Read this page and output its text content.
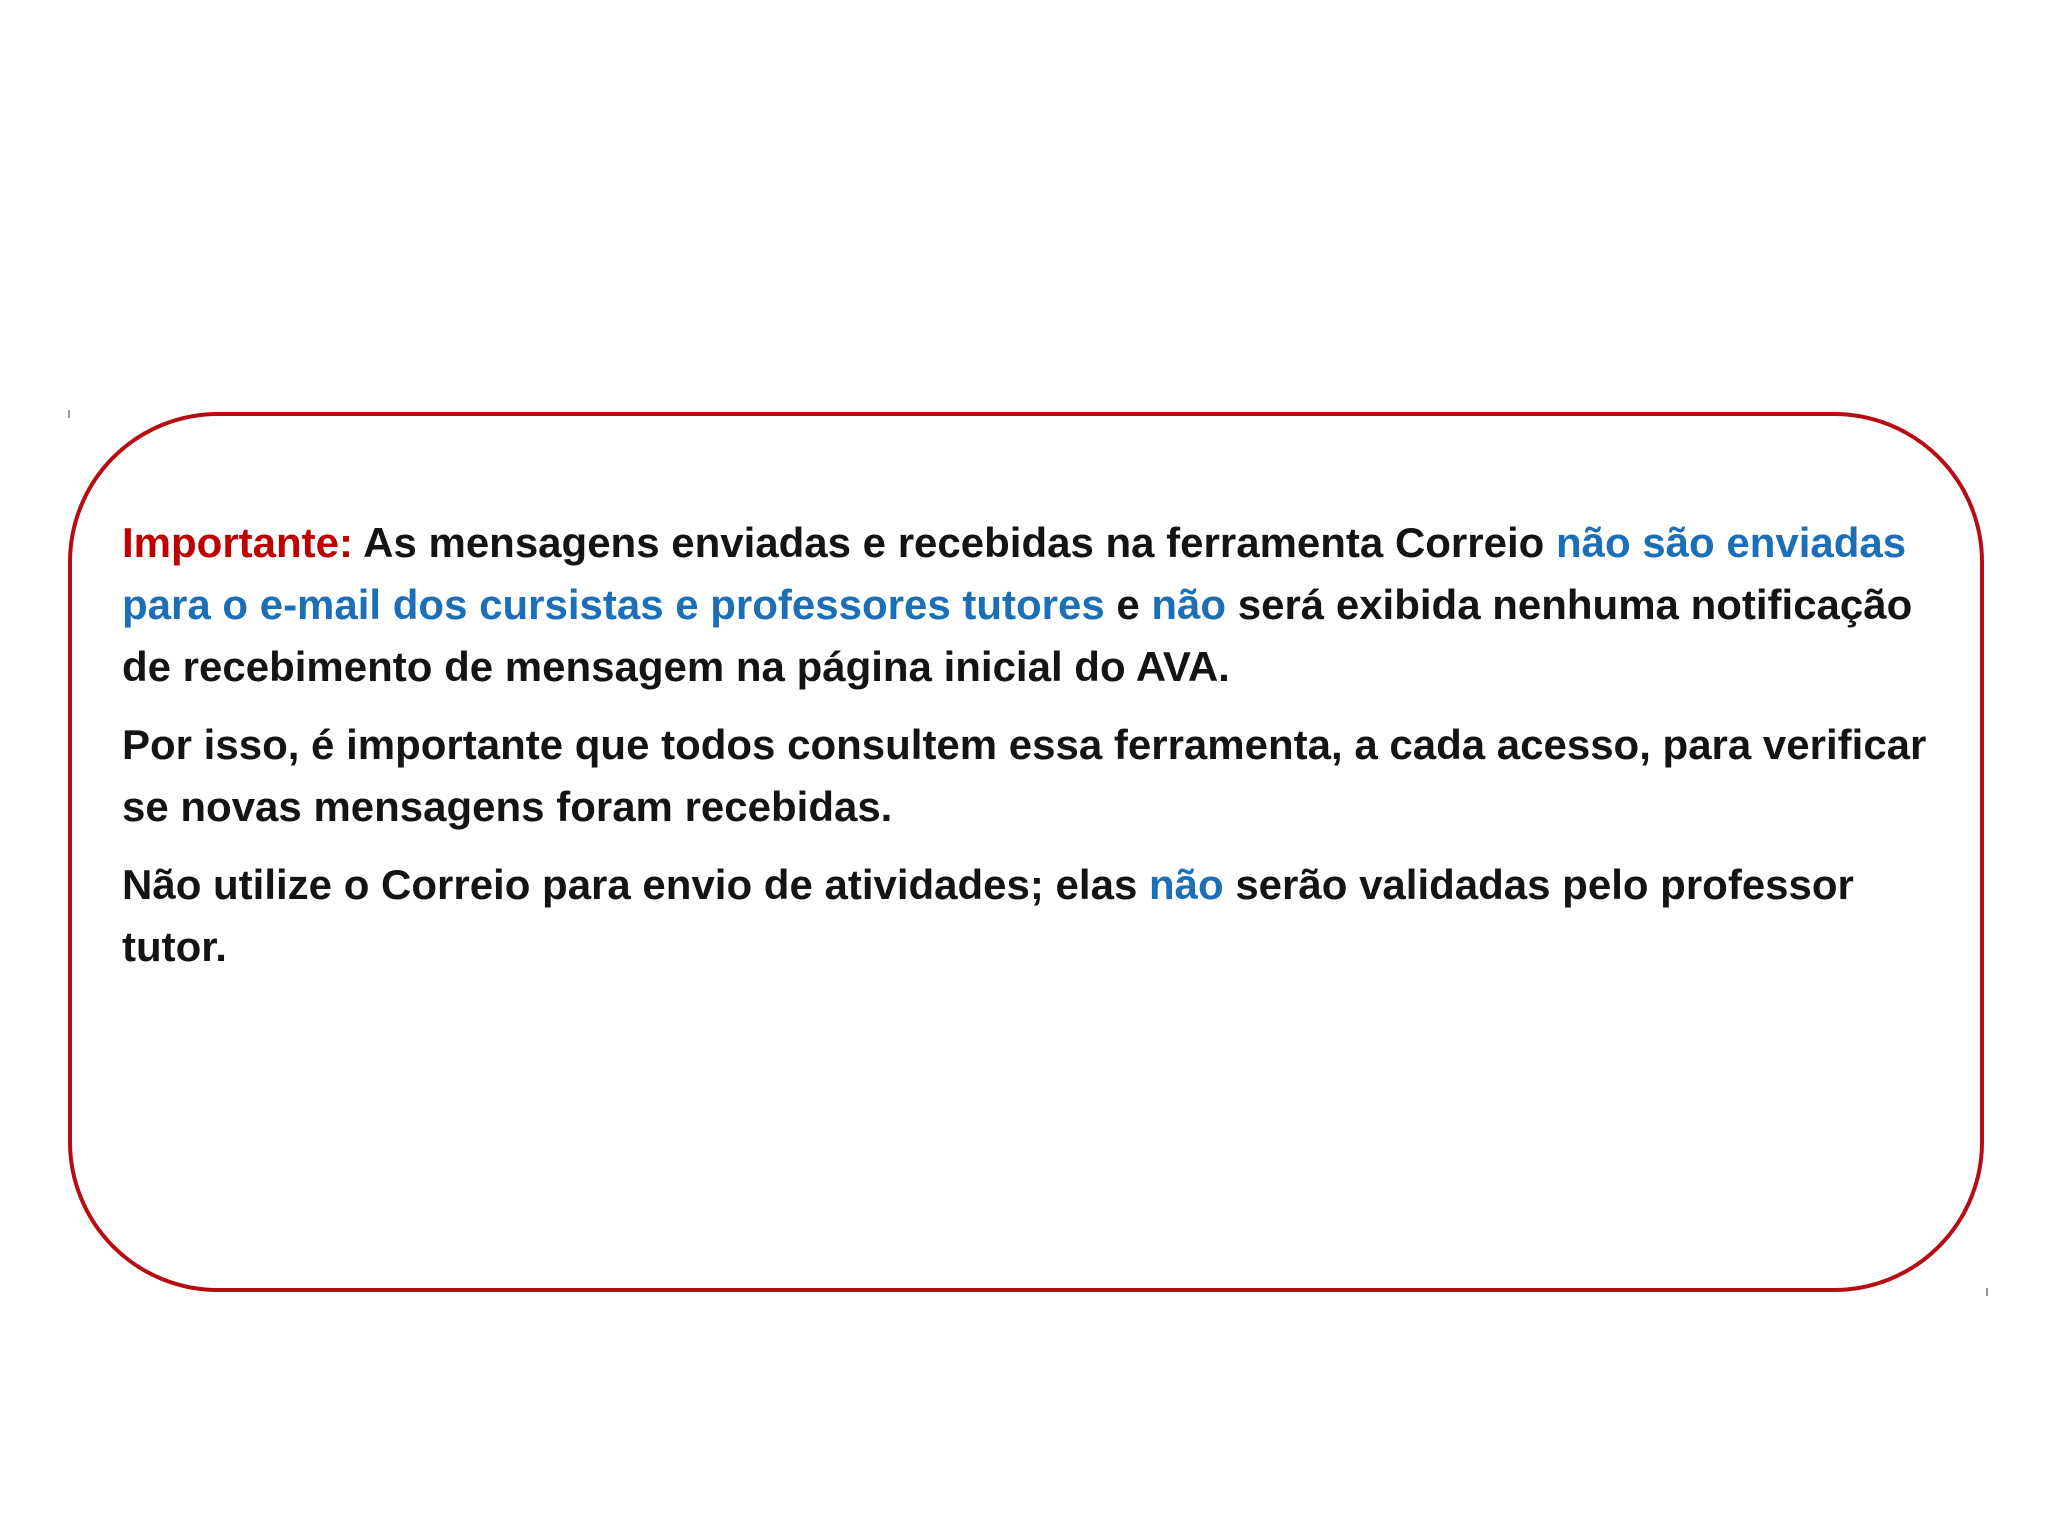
Importante: As mensagens enviadas e recebidas na ferramenta Correio não são enviadas para o e-mail dos cursistas e professores tutores e não será exibida nenhuma notificação de recebimento de mensagem na página inicial do AVA.

Por isso, é importante que todos consultem essa ferramenta, a cada acesso, para verificar se novas mensagens foram recebidas.

Não utilize o Correio para envio de atividades; elas não serão validadas pelo professor tutor.
